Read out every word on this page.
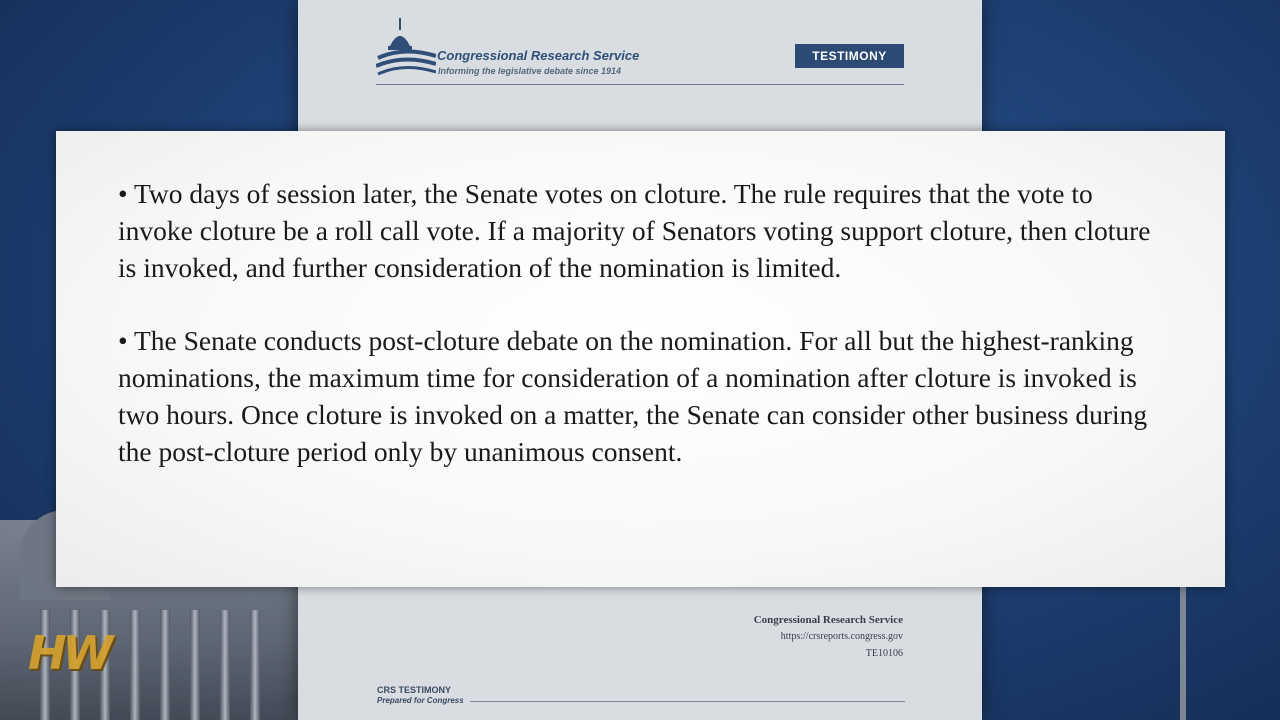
HW
Congressional Research Service
Informing the legislative debate since 1914
TESTIMONY
Congressional Research Service
https://crsreports.congress.gov
TE10106
CRS TESTIMONY
Prepared for Congress

• Two days of session later, the Senate votes on cloture. The rule requires that the vote to invoke cloture be a roll call vote. If a majority of Senators voting support cloture, then cloture is invoked, and further consideration of the nomination is limited.

• The Senate conducts post-cloture debate on the nomination. For all but the highest-ranking nominations, the maximum time for consideration of a nomination after cloture is invoked is two hours. Once cloture is invoked on a matter, the Senate can consider other business during the post-cloture period only by unanimous consent.
